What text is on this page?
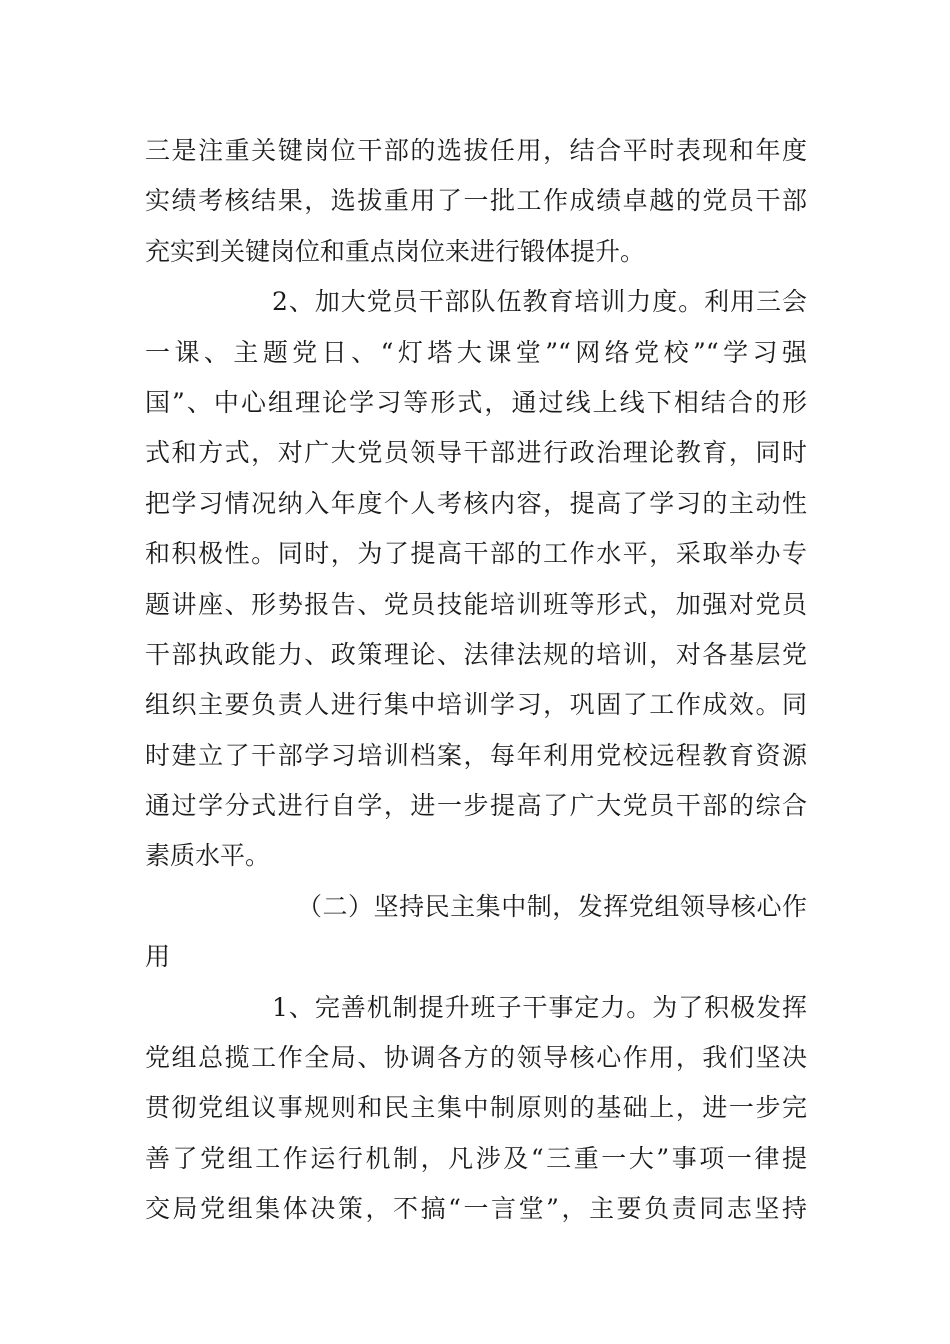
三是注重关键岗位干部的选拔任用，结合平时表现和年度
实绩考核结果，选拔重用了一批工作成绩卓越的党员干部
充实到关键岗位和重点岗位来进行锻体提升。
2、加大党员干部队伍教育培训力度。利用三会
一课、主题党日、“灯塔大课堂”“网络党校”“学习强
国”、中心组理论学习等形式，通过线上线下相结合的形
式和方式，对广大党员领导干部进行政治理论教育，同时
把学习情况纳入年度个人考核内容，提高了学习的主动性
和积极性。同时，为了提高干部的工作水平，采取举办专
题讲座、形势报告、党员技能培训班等形式，加强对党员
干部执政能力、政策理论、法律法规的培训，对各基层党
组织主要负责人进行集中培训学习，巩固了工作成效。同
时建立了干部学习培训档案，每年利用党校远程教育资源
通过学分式进行自学，进一步提高了广大党员干部的综合
素质水平。
（二）坚持民主集中制，发挥党组领导核心作
用
1、完善机制提升班子干事定力。为了积极发挥
党组总揽工作全局、协调各方的领导核心作用，我们坚决
贯彻党组议事规则和民主集中制原则的基础上，进一步完
善了党组工作运行机制，凡涉及“三重一大”事项一律提
交局党组集体决策，不搞“一言堂”，主要负责同志坚持
